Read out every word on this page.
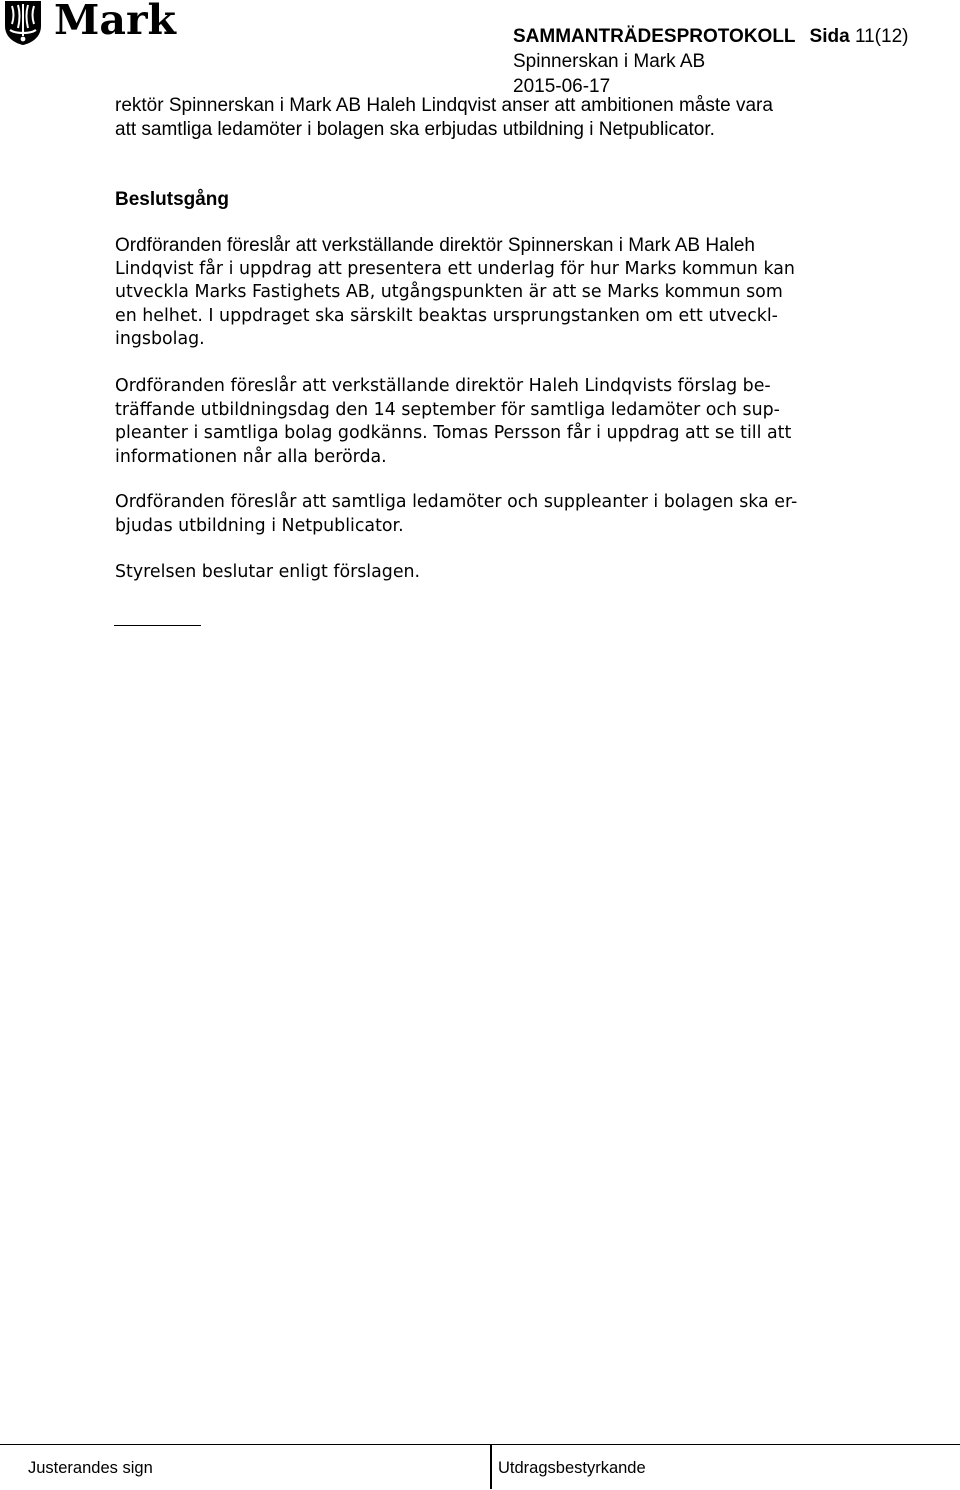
Mark	SAMMANTRÄDESPROTOKOLL Sida 11(12)
Spinnerskan i Mark AB
2015-06-17

rektör Spinnerskan i Mark AB Haleh Lindqvist anser att ambitionen måste vara
att samtliga ledamöter i bolagen ska erbjudas utbildning i Netpublicator.

Beslutsgång

Ordföranden föreslår att verkställande direktör Spinnerskan i Mark AB Haleh

Lindqvist får i uppdrag att presentera ett underlag för hur Marks kommun kan
utveckla Marks Fastighets AB, utgångspunkten är att se Marks kommun som
en helhet. I uppdraget ska särskilt beaktas ursprungstanken om ett utveckl-
ingsbolag.

Ordföranden föreslår att verkställande direktör Haleh Lindqvists förslag be-
träffande utbildningsdag den 14 september för samtliga ledamöter och sup-
pleanter i samtliga bolag godkänns. Tomas Persson får i uppdrag att se till att
informationen når alla berörda.

Ordföranden föreslår att samtliga ledamöter och suppleanter i bolagen ska er-
bjudas utbildning i Netpublicator.

Styrelsen beslutar enligt förslagen.

Justerandes sign	Utdragsbestyrkande
